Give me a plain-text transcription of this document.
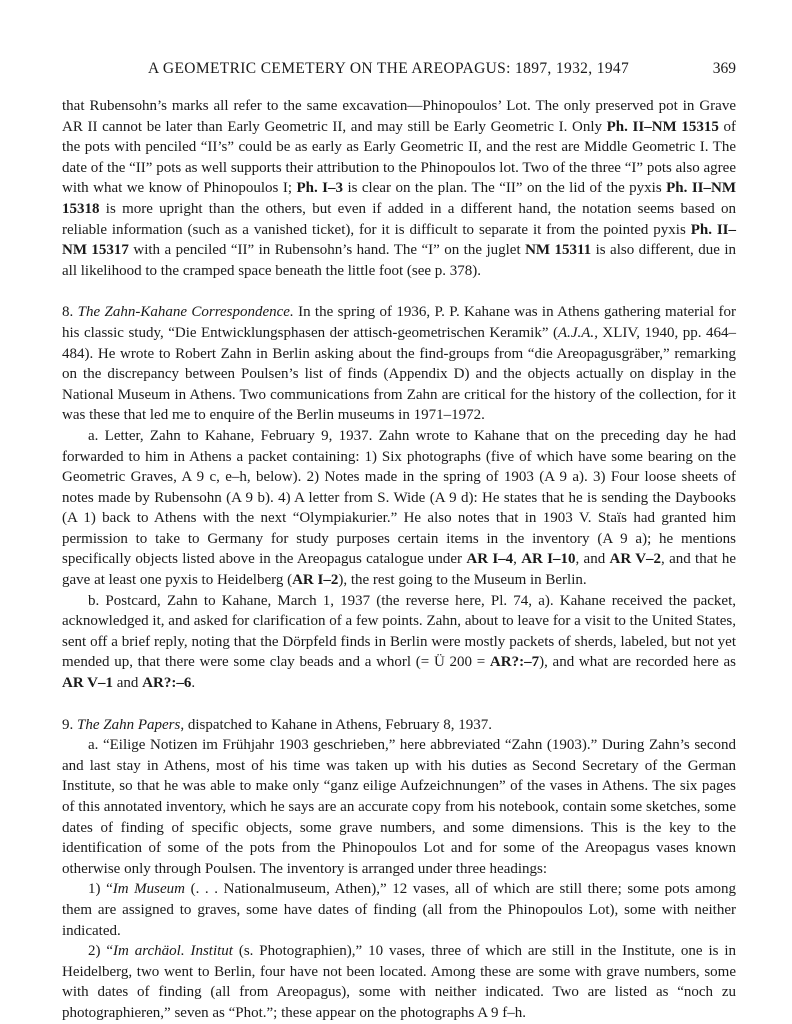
A GEOMETRIC CEMETERY ON THE AREOPAGUS: 1897, 1932, 1947	369

that Rubensohn’s marks all refer to the same excavation—Phinopoulos’ Lot. The only preserved pot in Grave AR II cannot be later than Early Geometric II, and may still be Early Geometric I. Only Ph. II–NM 15315 of the pots with penciled “II’s” could be as early as Early Geometric II, and the rest are Middle Geometric I. The date of the “II” pots as well supports their attribution to the Phinopoulos lot. Two of the three “I” pots also agree with what we know of Phinopoulos I; Ph. I–3 is clear on the plan. The “II” on the lid of the pyxis Ph. II–NM 15318 is more upright than the others, but even if added in a different hand, the notation seems based on reliable information (such as a vanished ticket), for it is difficult to separate it from the pointed pyxis Ph. II–NM 15317 with a penciled “II” in Rubensohn’s hand. The “I” on the juglet NM 15311 is also different, due in all likelihood to the cramped space beneath the little foot (see p. 378).

8. The Zahn-Kahane Correspondence. In the spring of 1936, P. P. Kahane was in Athens gathering material for his classic study, “Die Entwicklungsphasen der attisch-geometrischen Keramik” (A.J.A., XLIV, 1940, pp. 464–484). He wrote to Robert Zahn in Berlin asking about the find-groups from “die Areopagusgräber,” remarking on the discrepancy between Poulsen’s list of finds (Appendix D) and the objects actually on display in the National Museum in Athens. Two communications from Zahn are critical for the history of the collection, for it was these that led me to enquire of the Berlin museums in 1971–1972.

a. Letter, Zahn to Kahane, February 9, 1937. Zahn wrote to Kahane that on the preceding day he had forwarded to him in Athens a packet containing: 1) Six photographs (five of which have some bearing on the Geometric Graves, A 9 c, e–h, below). 2) Notes made in the spring of 1903 (A 9 a). 3) Four loose sheets of notes made by Rubensohn (A 9 b). 4) A letter from S. Wide (A 9 d): He states that he is sending the Daybooks (A 1) back to Athens with the next “Olympiakurier.” He also notes that in 1903 V. Staïs had granted him permission to take to Germany for study purposes certain items in the inventory (A 9 a); he mentions specifically objects listed above in the Areopagus catalogue under AR I–4, AR I–10, and AR V–2, and that he gave at least one pyxis to Heidelberg (AR I–2), the rest going to the Museum in Berlin.

b. Postcard, Zahn to Kahane, March 1, 1937 (the reverse here, Pl. 74, a). Kahane received the packet, acknowledged it, and asked for clarification of a few points. Zahn, about to leave for a visit to the United States, sent off a brief reply, noting that the Dörpfeld finds in Berlin were mostly packets of sherds, labeled, but not yet mended up, that there were some clay beads and a whorl (= Ü 200 = AR?:–7), and what are recorded here as AR V–1 and AR?:–6.

9. The Zahn Papers, dispatched to Kahane in Athens, February 8, 1937.

a. “Eilige Notizen im Frühjahr 1903 geschrieben,” here abbreviated “Zahn (1903).” During Zahn’s second and last stay in Athens, most of his time was taken up with his duties as Second Secretary of the German Institute, so that he was able to make only “ganz eilige Aufzeichnungen” of the vases in Athens. The six pages of this annotated inventory, which he says are an accurate copy from his notebook, contain some sketches, some dates of finding of specific objects, some grave numbers, and some dimensions. This is the key to the identification of some of the pots from the Phinopoulos Lot and for some of the Areopagus vases known otherwise only through Poulsen. The inventory is arranged under three headings:

1) “Im Museum (. . . Nationalmuseum, Athen),” 12 vases, all of which are still there; some pots among them are assigned to graves, some have dates of finding (all from the Phinopoulos Lot), some with neither indicated.

2) “Im archäol. Institut (s. Photographien),” 10 vases, three of which are still in the Institute, one is in Heidelberg, two went to Berlin, four have not been located. Among these are some with grave numbers, some with dates of finding (all from Areopagus), some with neither indicated. Two are listed as “noch zu photographieren,” seven as “Phot.”; these appear on the photographs A 9 f–h.
